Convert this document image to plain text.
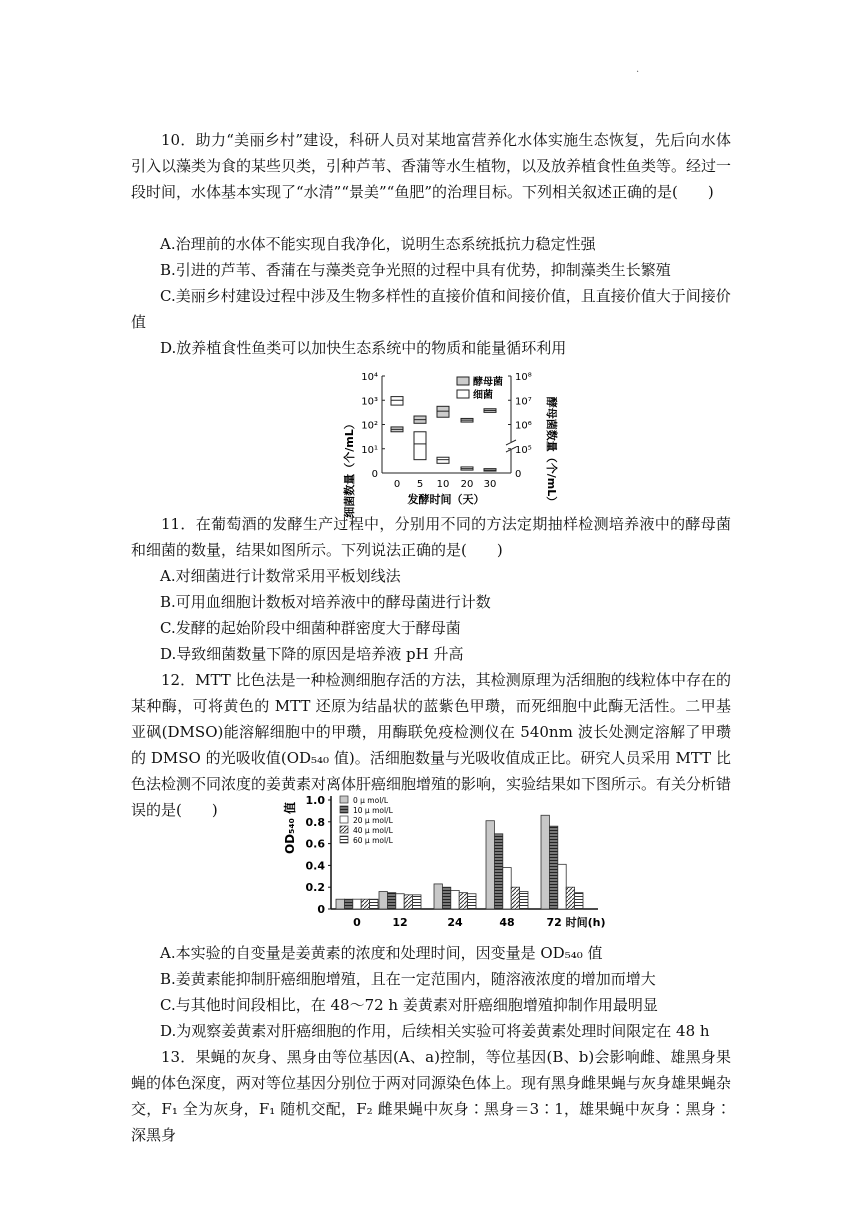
.

10．助力“美丽乡村”建设，科研人员对某地富营养化水体实施生态恢复，先后向水体引入以藻类为食的某些贝类，引种芦苇、香蒲等水生植物，以及放养植食性鱼类等。经过一段时间，水体基本实现了“水清”“景美”“鱼肥”的治理目标。下列相关叙述正确的是(　　)

A.治理前的水体不能实现自我净化，说明生态系统抵抗力稳定性强

B.引进的芦苇、香蒲在与藻类竞争光照的过程中具有优势，抑制藻类生长繁殖

C.美丽乡村建设过程中涉及生物多样性的直接价值和间接价值，且直接价值大于间接价值

D.放养植食性鱼类可以加快生态系统中的物质和能量循环利用

10⁴
10³
10²
10¹
0
10⁸
10⁷
10⁶
10⁵
0
0 5 10 20 30
酵母菌
细菌
细菌数量（个/mL）	酵母菌数量（个/mL）
发酵时间（天）

11．在葡萄酒的发酵生产过程中，分别用不同的方法定期抽样检测培养液中的酵母菌和细菌的数量，结果如图所示。下列说法正确的是(　　)

A.对细菌进行计数常采用平板划线法

B.可用血细胞计数板对培养液中的酵母菌进行计数

C.发酵的起始阶段中细菌种群密度大于酵母菌

D.导致细菌数量下降的原因是培养液 pH 升高

12．MTT 比色法是一种检测细胞存活的方法，其检测原理为活细胞的线粒体中存在的某种酶，可将黄色的 MTT 还原为结晶状的蓝紫色甲瓒，而死细胞中此酶无活性。二甲基亚砜(DMSO)能溶解细胞中的甲瓒，用酶联免疫检测仪在 540nm 波长处测定溶解了甲瓒的 DMSO 的光吸收值(OD₅₄₀ 值)。活细胞数量与光吸收值成正比。研究人员采用 MTT 比色法检测不同浓度的姜黄素对离体肝癌细胞增殖的影响，实验结果如下图所示。有关分析错误的是(　　)

1.0
0.8
0.6
0.4
0.2
0
0	12	24	48	72 时间(h)
0 μ mol/L
10 μ mol/L
20 μ mol/L
40 μ mol/L
60 μ mol/L
OD₅₄₀ 值

A.本实验的自变量是姜黄素的浓度和处理时间，因变量是 OD₅₄₀ 值

B.姜黄素能抑制肝癌细胞增殖，且在一定范围内，随溶液浓度的增加而增大

C.与其他时间段相比，在 48～72 h 姜黄素对肝癌细胞增殖抑制作用最明显

D.为观察姜黄素对肝癌细胞的作用，后续相关实验可将姜黄素处理时间限定在 48 h

13．果蝇的灰身、黑身由等位基因(A、a)控制，等位基因(B、b)会影响雌、雄黑身果蝇的体色深度，两对等位基因分别位于两对同源染色体上。现有黑身雌果蝇与灰身雄果蝇杂交，F₁ 全为灰身，F₁ 随机交配，F₂ 雌果蝇中灰身∶黑身＝3∶1，雄果蝇中灰身∶黑身∶深黑身
